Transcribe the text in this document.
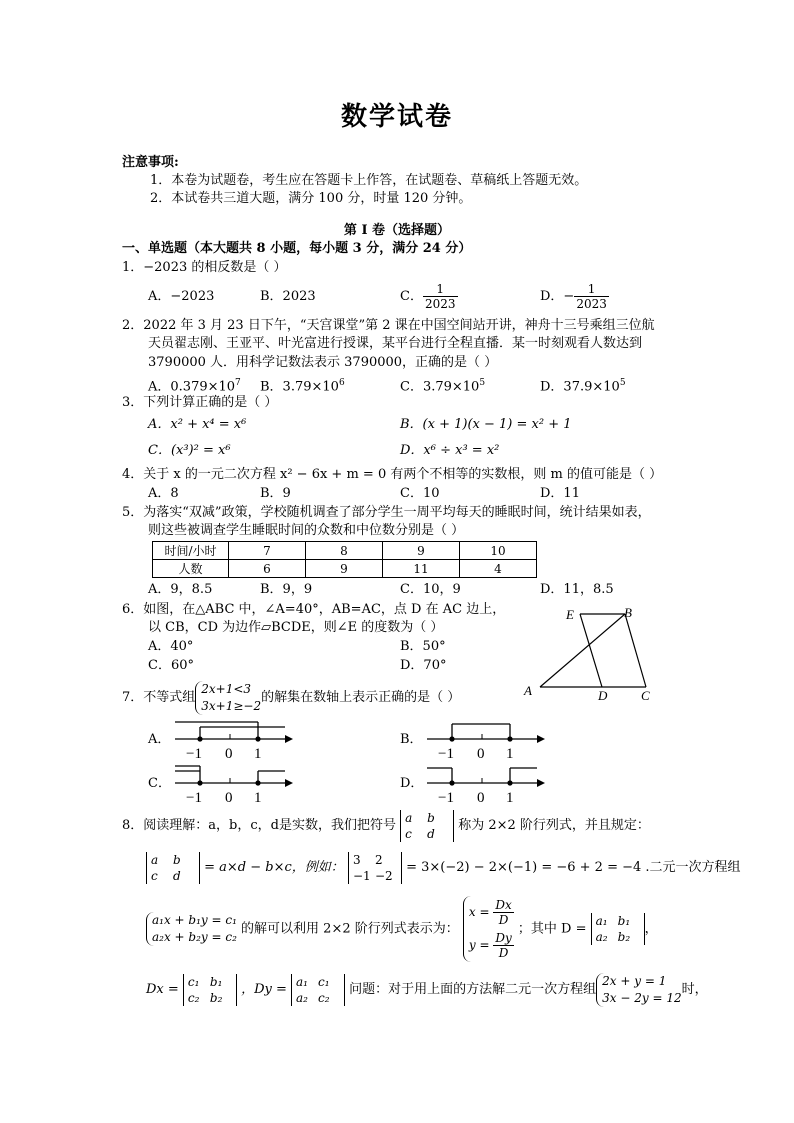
数学试卷
注意事项:
1．本卷为试题卷，考生应在答题卡上作答，在试题卷、草稿纸上答题无效。
2．本试卷共三道大题，满分 100 分，时量 120 分钟。
第 I 卷（选择题）
一、单选题（本大题共 8 小题，每小题 3 分，满分 24 分）
1．−2023 的相反数是（ ）
A．−2023	B．2023	C． $\frac{1}{2023}$	D．− $\frac{1}{2023}$
2．2022 年 3 月 23 日下午，“天宫课堂”第 2 课在中国空间站开讲，神舟十三号乘组三位航
天员翟志刚、王亚平、叶光富进行授课，某平台进行全程直播．某一时刻观看人数达到
3790000 人．用科学记数法表示 3790000，正确的是（ ）
A．$0.379\times 10^7$ B．$3.79\times 10^6$	C．$3.79\times 10^5$	D．$37.9\times 10^5$
3．下列计算正确的是（ ）
A．x² + x⁴ = x⁶	B．(x + 1)(x − 1) = x² + 1
C．(x³)² = x⁶	D．x⁶ ÷ x³ = x²
4．关于 x 的一元二次方程 x² − 6x + m = 0 有两个不相等的实数根，则 m 的值可能是（ ）
A．8	B．9	C．10	D．11
5．为落实“双减”政策，学校随机调查了部分学生一周平均每天的睡眠时间，统计结果如表，
则这些被调查学生睡眠时间的众数和中位数分别是（ ）
时间/小时	7	8	9	10
人数	6	9	11	4
A．9，8.5	B．9，9	C．10，9	D．11，8.5
6．如图，在△ABC 中，∠A=40°，AB=AC，点 D 在 AC 边上，
以 CB，CD 为边作▱BCDE，则∠E 的度数为（ ）
A．40°	B．50°
C．60°	D．70°
E	B
A	D	C
7．不等式组
2x+1<3
3x+1≥−2
的解集在数轴上表示正确的是（ ）
A．
−1 0 1
B．
−1 0 1
C．
−1 0 1
D．
−1 0 1
8．阅读理解：a，b，c，d是实数，我们把符号 a b
c d 称为 2×2 阶行列式，并且规定：
a b
c d = a×d − b×c，例如： 3 2
−1 −2 = 3×(−2) − 2×(−1) = −6 + 2 = −4 .二元一次方程组
a₁x + b₁y = c₁
a₂x + b₂y = c₂
的解可以利用 2×2 阶行列式表示为：
$x = \frac{Dx}{D}$
$y = \frac{Dy}{D}$
；其中 D = a₁ b₁
a₂ b₂，
Dx = c₁ b₁
c₂ b₂ ，Dy = a₁ c₁
a₂ c₂ 问题：对于用上面的方法解二元一次方程组
2x + y = 1
3x − 2y = 12
时，
